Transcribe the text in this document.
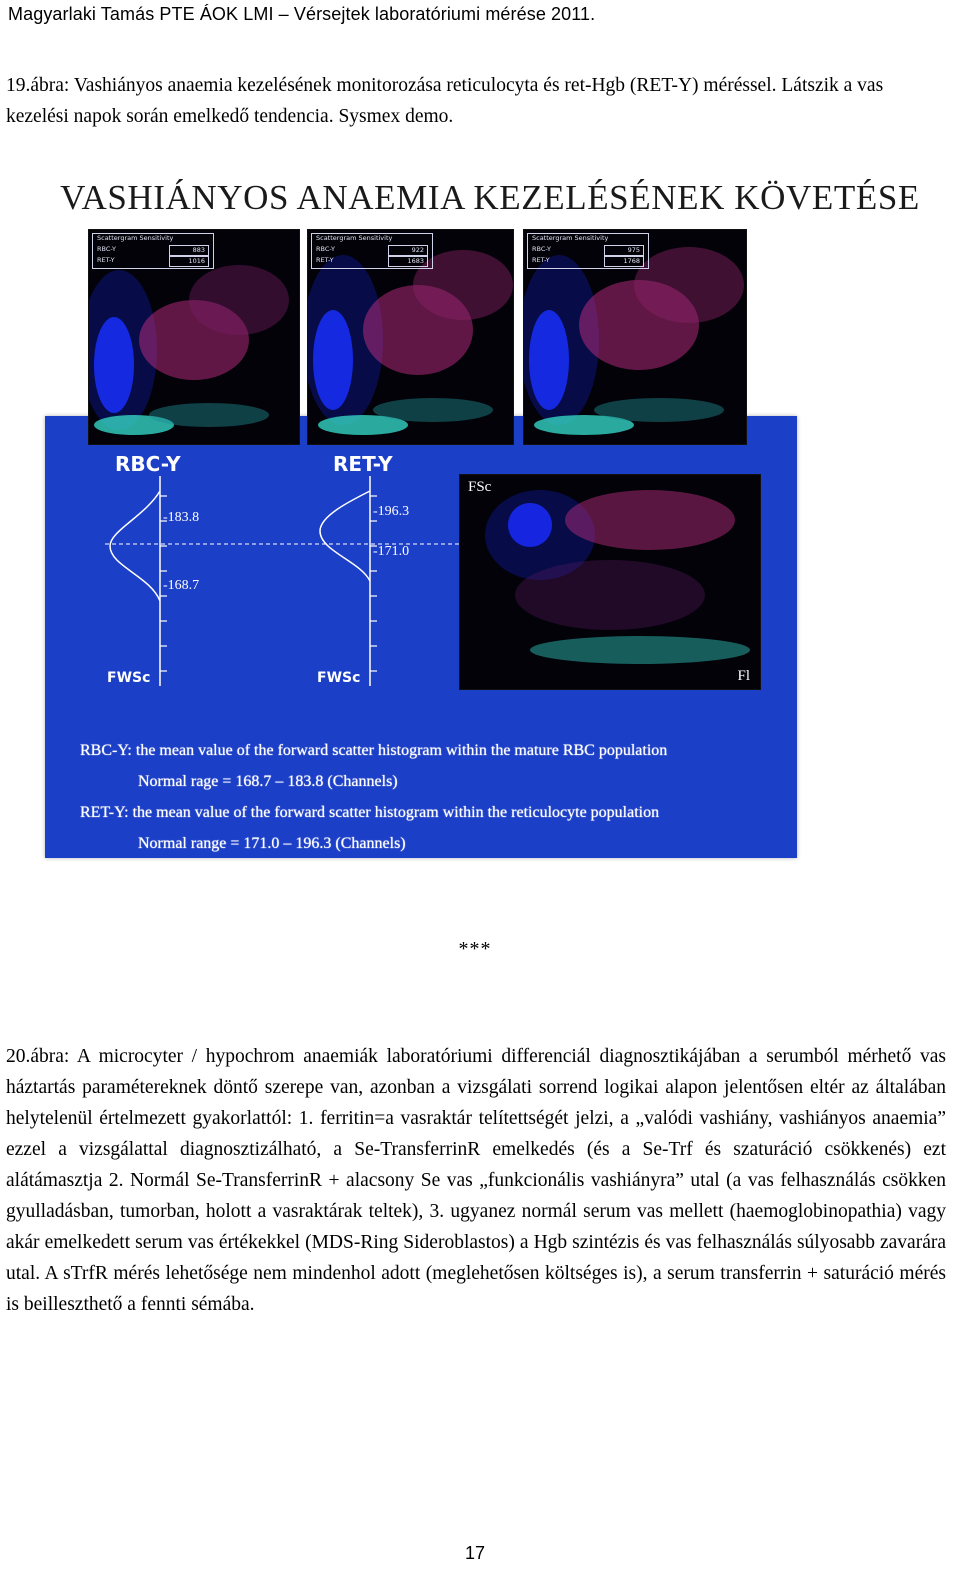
Magyarlaki Tamás PTE ÁOK LMI – Vérsejtek laboratóriumi mérése 2011.
19.ábra: Vashiányos anaemia kezelésének monitorozása reticulocyta és ret-Hgb (RET-Y) méréssel. Látszik a vas kezelési napok során emelkedő tendencia. Sysmex demo.
VASHIÁNYOS ANAEMIA KEZELÉSÉNEK KÖVETÉSE
Scattergram Sensitivity
RBC-Y	883
RET-Y	1016
Scattergram Sensitivity
RBC-Y	922
RET-Y	1683
Scattergram Sensitivity
RBC-Y	975
RET-Y	1768
RBC-Y	RET-Y
-183.8
-168.7
-196.3
-171.0
FWSc	FWSc
FSc
Fl
RBC-Y: the mean value of the forward scatter histogram within the mature RBC population
Normal rage = 168.7 – 183.8 (Channels)
RET-Y: the mean value of the forward scatter histogram within the reticulocyte population
Normal range = 171.0 – 196.3 (Channels)
***
20.ábra: A microcyter / hypochrom anaemiák laboratóriumi differenciál diagnosztikájában a serumból mérhető vas háztartás paramétereknek döntő szerepe van, azonban a vizsgálati sorrend logikai alapon jelentősen eltér az általában helytelenül értelmezett gyakorlattól: 1. ferritin=a vasraktár telítettségét jelzi, a „valódi vashiány, vashiányos anaemia” ezzel a vizsgálattal diagnosztizálható, a Se-TransferrinR emelkedés (és a Se-Trf és szaturáció csökkenés) ezt alátámasztja 2. Normál Se-TransferrinR + alacsony Se vas „funkcionális vashiányra” utal (a vas felhasználás csökken gyulladásban, tumorban, holott a vasraktárak teltek), 3. ugyanez normál serum vas mellett (haemoglobinopathia) vagy akár emelkedett serum vas értékekkel (MDS-Ring Sideroblastos) a Hgb szintézis és vas felhasználás súlyosabb zavarára utal. A sTrfR mérés lehetősége nem mindenhol adott (meglehetősen költséges is), a serum transferrin + saturáció mérés is beilleszthető a fennti sémába.
17
